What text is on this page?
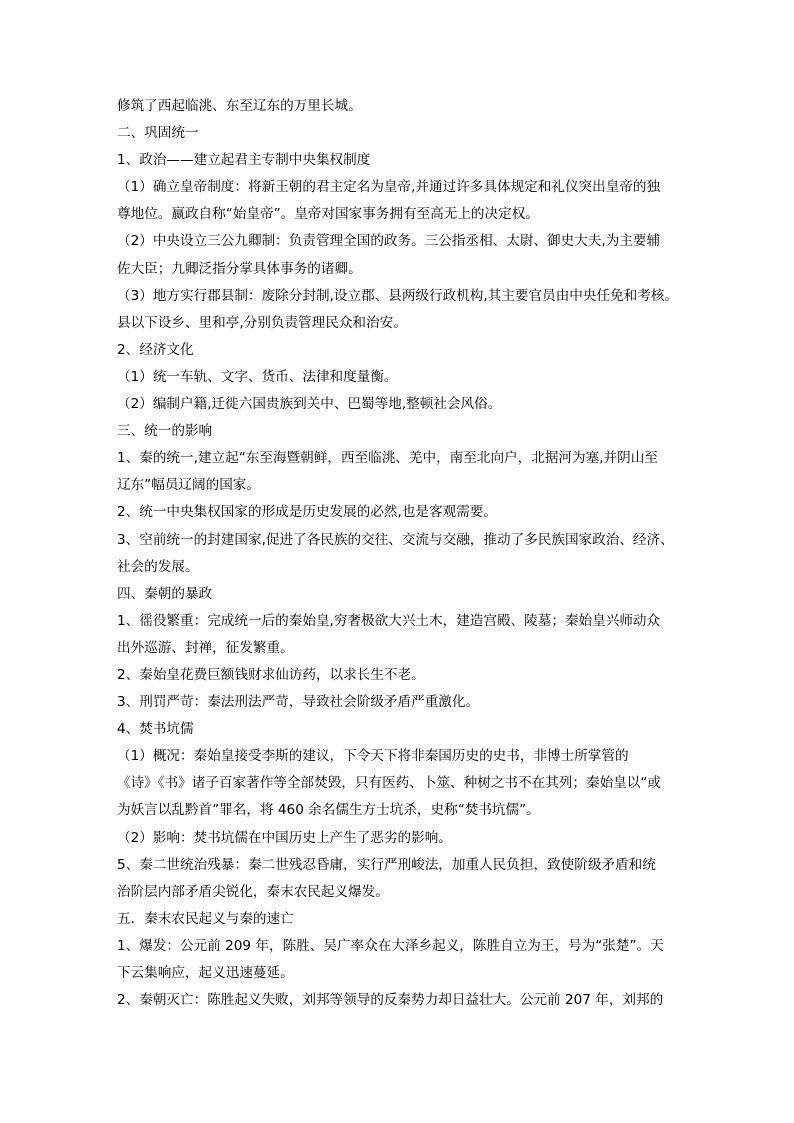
修筑了西起临洮、东至辽东的万里长城。
二、巩固统一
1、政治——建立起君主专制中央集权制度
（1）确立皇帝制度：将新王朝的君主定名为皇帝,并通过许多具体规定和礼仪突出皇帝的独
尊地位。嬴政自称“始皇帝”。皇帝对国家事务拥有至高无上的决定权。
（2）中央设立三公九卿制：负责管理全国的政务。三公指丞相、太尉、御史大夫,为主要辅
佐大臣；九卿泛指分掌具体事务的诸卿。
（3）地方实行郡县制：废除分封制,设立郡、县两级行政机构,其主要官员由中央任免和考核。
县以下设乡、里和亭,分别负责管理民众和治安。
2、经济文化
（1）统一车轨、文字、货币、法律和度量衡。
（2）编制户籍,迁徙六国贵族到关中、巴蜀等地,整顿社会风俗。
三、统一的影响
1、秦的统一,建立起“东至海暨朝鲜，西至临洮、羌中，南至北向户，北据河为塞,并阴山至
辽东”幅员辽阔的国家。
2、统一中央集权国家的形成是历史发展的必然,也是客观需要。
3、空前统一的封建国家,促进了各民族的交往、交流与交融，推动了多民族国家政治、经济、
社会的发展。
四、秦朝的暴政
1、徭役繁重：完成统一后的秦始皇,穷奢极欲大兴土木，建造宫殿、陵墓；秦始皇兴师动众
出外巡游、封禅，征发繁重。
2、秦始皇花费巨额钱财求仙访药，以求长生不老。
3、刑罚严苛：秦法刑法严苛，导致社会阶级矛盾严重激化。
4、焚书坑儒
（1）概况：秦始皇接受李斯的建议，下令天下将非秦国历史的史书，非博士所掌管的
《诗》《书》诸子百家著作等全部焚毁，只有医药、卜筮、种树之书不在其列；秦始皇以“或
为妖言以乱黔首”罪名，将 460 余名儒生方士坑杀，史称“焚书坑儒”。
（2）影响：焚书坑儒在中国历史上产生了恶劣的影响。
5、秦二世统治残暴：秦二世残忍昏庸，实行严刑峻法，加重人民负担，致使阶级矛盾和统
治阶层内部矛盾尖锐化，秦末农民起义爆发。
五．秦末农民起义与秦的速亡
1、爆发：公元前 209 年，陈胜、吴广率众在大泽乡起义，陈胜自立为王，号为“张楚”。天
下云集响应，起义迅速蔓延。
2、秦朝灭亡：陈胜起义失败，刘邦等领导的反秦势力却日益壮大。公元前 207 年，刘邦的
